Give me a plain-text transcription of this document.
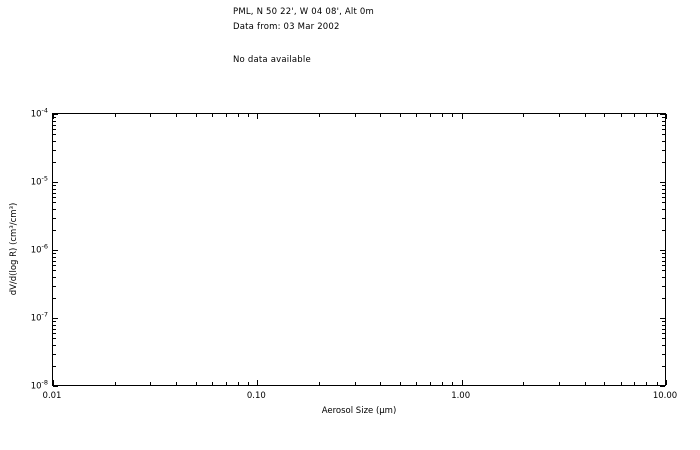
PML, N 50 22', W 04 08', Alt 0m
Data from: 03 Mar 2002
No data available
Aerosol Size (μm)
dV/d(log R) (cm³/cm³)
0.01	0.10	1.00	10.00
$10^{-8}$
$10^{-7}$
$10^{-6}$
$10^{-5}$
$10^{-4}$
